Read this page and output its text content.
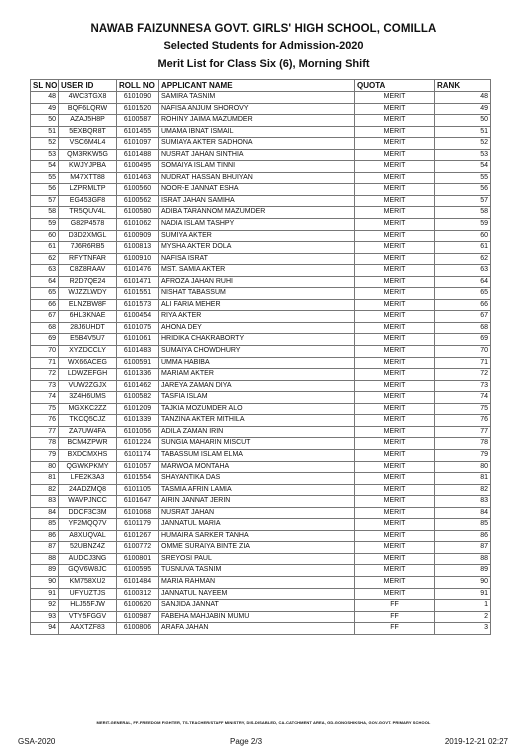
NAWAB FAIZUNNESA GOVT. GIRLS' HIGH SCHOOL, COMILLA
Selected Students for Admission-2020
Merit List for Class Six (6), Morning Shift
SL NO	USER ID	ROLL NO	APPLICANT NAME	QUOTA	RANK
48	4WC3TGX8	6101090	SAMIRA TASNIM	MERIT	48
49	BQF6LQRW	6101520	NAFISA ANJUM SHOROVY	MERIT	49
50	AZAJ5H8P	6100587	ROHINY JAIMA MAZUMDER	MERIT	50
51	5EXBQR8T	6101455	UMAMA IBNAT ISMAIL	MERIT	51
52	VSC6M4L4	6101097	SUMIAYA AKTER SADHONA	MERIT	52
53	QM3RKW5G	6101488	NUSRAT JAHAN SINTHIA	MERIT	53
54	KWJYJPBA	6100495	SOMAIYA ISLAM TINNI	MERIT	54
55	M47XTT88	6101463	NUDRAT HASSAN BHUIYAN	MERIT	55
56	LZPRMLTP	6100560	NOOR-E JANNAT ESHA	MERIT	56
57	EG453GF8	6100562	ISRAT JAHAN SAMIHA	MERIT	57
58	TR5QUV4L	6100580	ADIBA TARANNOM MAZUMDER	MERIT	58
59	G82P4578	6101062	NADIA ISLAM TASHPY	MERIT	59
60	D3D2XMGL	6100909	SUMIYA AKTER	MERIT	60
61	7J6R6RB5	6100813	MYSHA AKTER DOLA	MERIT	61
62	RFYTNFAR	6100910	NAFISA ISRAT	MERIT	62
63	C8Z8RAAV	6101476	MST. SAMIA AKTER	MERIT	63
64	R2D7QE24	6101471	AFROZA JAHAN RUHI	MERIT	64
65	WJZZLWDY	6101551	NISHAT TABASSUM	MERIT	65
66	ELNZBW8F	6101573	ALI FARIA MEHER	MERIT	66
67	6HL3KNAE	6100454	RIYA AKTER	MERIT	67
68	28J6UHDT	6101075	AHONA DEY	MERIT	68
69	E5B4V5U7	6101061	HRIDIKA CHAKRABORTY	MERIT	69
70	XYZDCCLY	6101483	SUMAIYA CHOWDHURY	MERIT	70
71	WX66ACEG	6100591	UMMA HABIBA	MERIT	71
72	LDWZEFGH	6101336	MARIAM AKTER	MERIT	72
73	VUW2ZGJX	6101462	JAREYA ZAMAN DIYA	MERIT	73
74	3Z4H6UMS	6100582	TASFIA ISLAM	MERIT	74
75	MGXKC2ZZ	6101209	TAJKIA MOZUMDER ALO	MERIT	75
76	TKCQ5CJZ	6101339	TANZINA AKTER MITHILA	MERIT	76
77	ZA7UW4FA	6101056	ADILA ZAMAN IRIN	MERIT	77
78	BCM4ZPWR	6101224	SUNGIA MAHARIN MISCUT	MERIT	78
79	BXDCMXHS	6101174	TABASSUM ISLAM ELMA	MERIT	79
80	QGWKPKMY	6101057	MARWOA MONTAHA	MERIT	80
81	LFE2K3A3	6101554	SHAYANTIKA DAS	MERIT	81
82	24ADZMQ8	6101105	TASMIA AFRIN LAMIA	MERIT	82
83	WAVPJNCC	6101647	AIRIN JANNAT JERIN	MERIT	83
84	DDCF3C3M	6101068	NUSRAT JAHAN	MERIT	84
85	YF2MQQ7V	6101179	JANNATUL MARIA	MERIT	85
86	A8XUQVAL	6101267	HUMAIRA SARKER TANHA	MERIT	86
87	52UBNZ4Z	6100772	OMME SURAIYA BINTE ZIA	MERIT	87
88	AUDCJ3NG	6100801	SREYOSI PAUL	MERIT	88
89	GQV6W8JC	6100595	TUSNUVA TASNIM	MERIT	89
90	KM758XU2	6101484	MARIA RAHMAN	MERIT	90
91	UFYUZTJS	6100312	JANNATUL NAYEEM	MERIT	91
92	HLJ55FJW	6100620	SANJIDA JANNAT	FF	1
93	VTY5FGGV	6100987	FABEHA MAHJABIN MUMU	FF	2
94	AAXTZF83	6100806	ARAFA JAHAN	FF	3
MERIT-GENERAL, FF-FREEDOM FIGHTER, TS-TEACHER/STAFF MINISTRY, DIS-DISABLED, CA-CATCHMENT AREA, GD-GONOSHIKSHA, GOV-GOVT. PRIMARY SCHOOL
GSA-2020	Page 2/3	2019-12-21 02:27
